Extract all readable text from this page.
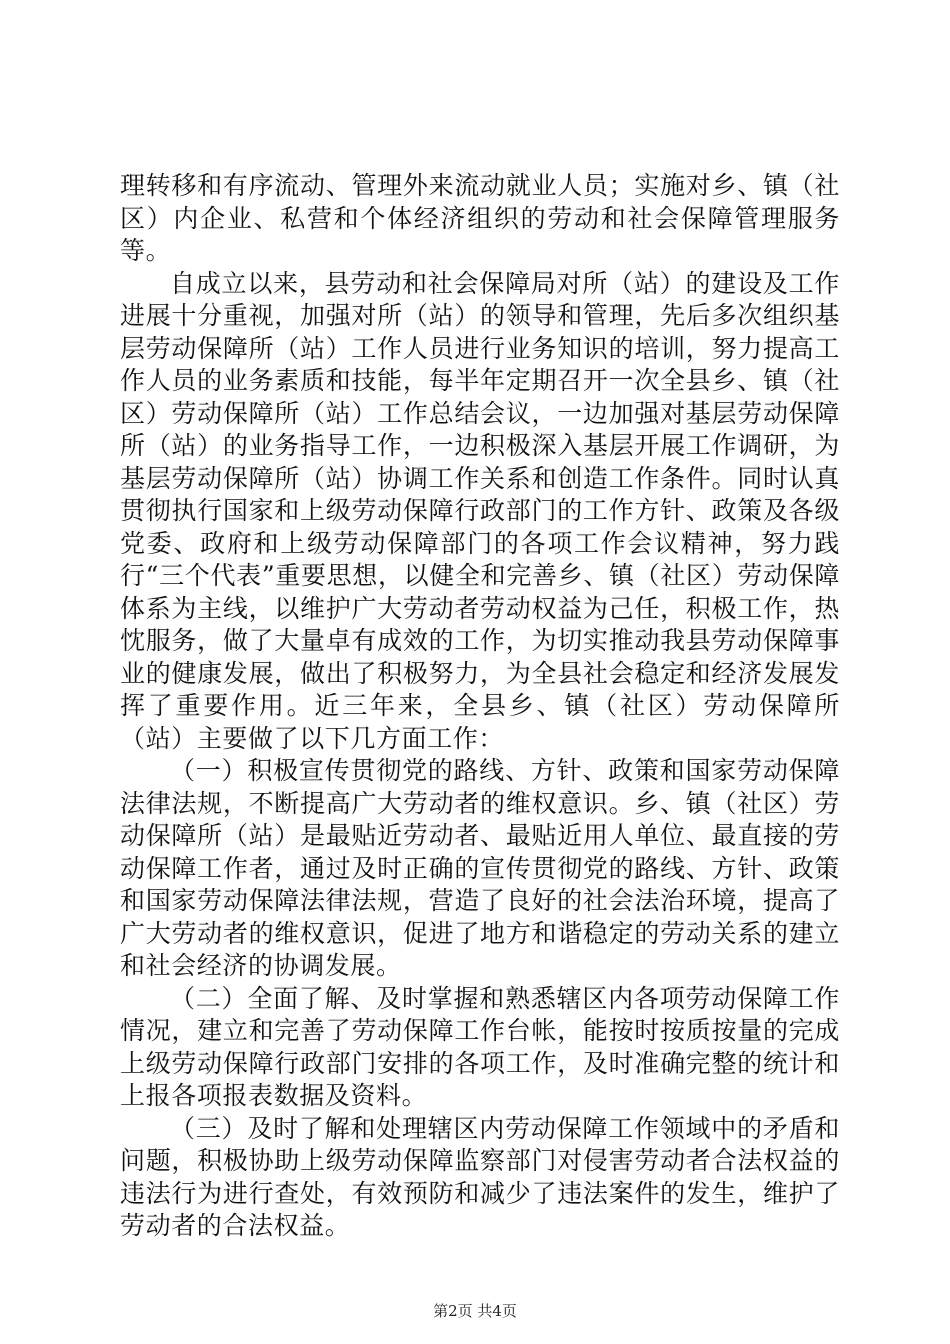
理转移和有序流动、管理外来流动就业人员；实施对乡、镇（社区）内企业、私营和个体经济组织的劳动和社会保障管理服务等。

自成立以来，县劳动和社会保障局对所（站）的建设及工作进展十分重视，加强对所（站）的领导和管理，先后多次组织基层劳动保障所（站）工作人员进行业务知识的培训，努力提高工作人员的业务素质和技能，每半年定期召开一次全县乡、镇（社区）劳动保障所（站）工作总结会议，一边加强对基层劳动保障所（站）的业务指导工作，一边积极深入基层开展工作调研，为基层劳动保障所（站）协调工作关系和创造工作条件。同时认真贯彻执行国家和上级劳动保障行政部门的工作方针、政策及各级党委、政府和上级劳动保障部门的各项工作会议精神，努力践行“三个代表”重要思想，以健全和完善乡、镇（社区）劳动保障体系为主线，以维护广大劳动者劳动权益为己任，积极工作，热忱服务，做了大量卓有成效的工作，为切实推动我县劳动保障事业的健康发展，做出了积极努力，为全县社会稳定和经济发展发挥了重要作用。近三年来，全县乡、镇（社区）劳动保障所（站）主要做了以下几方面工作：

（一）积极宣传贯彻党的路线、方针、政策和国家劳动保障法律法规，不断提高广大劳动者的维权意识。乡、镇（社区）劳动保障所（站）是最贴近劳动者、最贴近用人单位、最直接的劳动保障工作者，通过及时正确的宣传贯彻党的路线、方针、政策和国家劳动保障法律法规，营造了良好的社会法治环境，提高了广大劳动者的维权意识，促进了地方和谐稳定的劳动关系的建立和社会经济的协调发展。

（二）全面了解、及时掌握和熟悉辖区内各项劳动保障工作情况，建立和完善了劳动保障工作台帐，能按时按质按量的完成上级劳动保障行政部门安排的各项工作，及时准确完整的统计和上报各项报表数据及资料。

（三）及时了解和处理辖区内劳动保障工作领域中的矛盾和问题，积极协助上级劳动保障监察部门对侵害劳动者合法权益的违法行为进行查处，有效预防和减少了违法案件的发生，维护了劳动者的合法权益。

第2页 共4页
